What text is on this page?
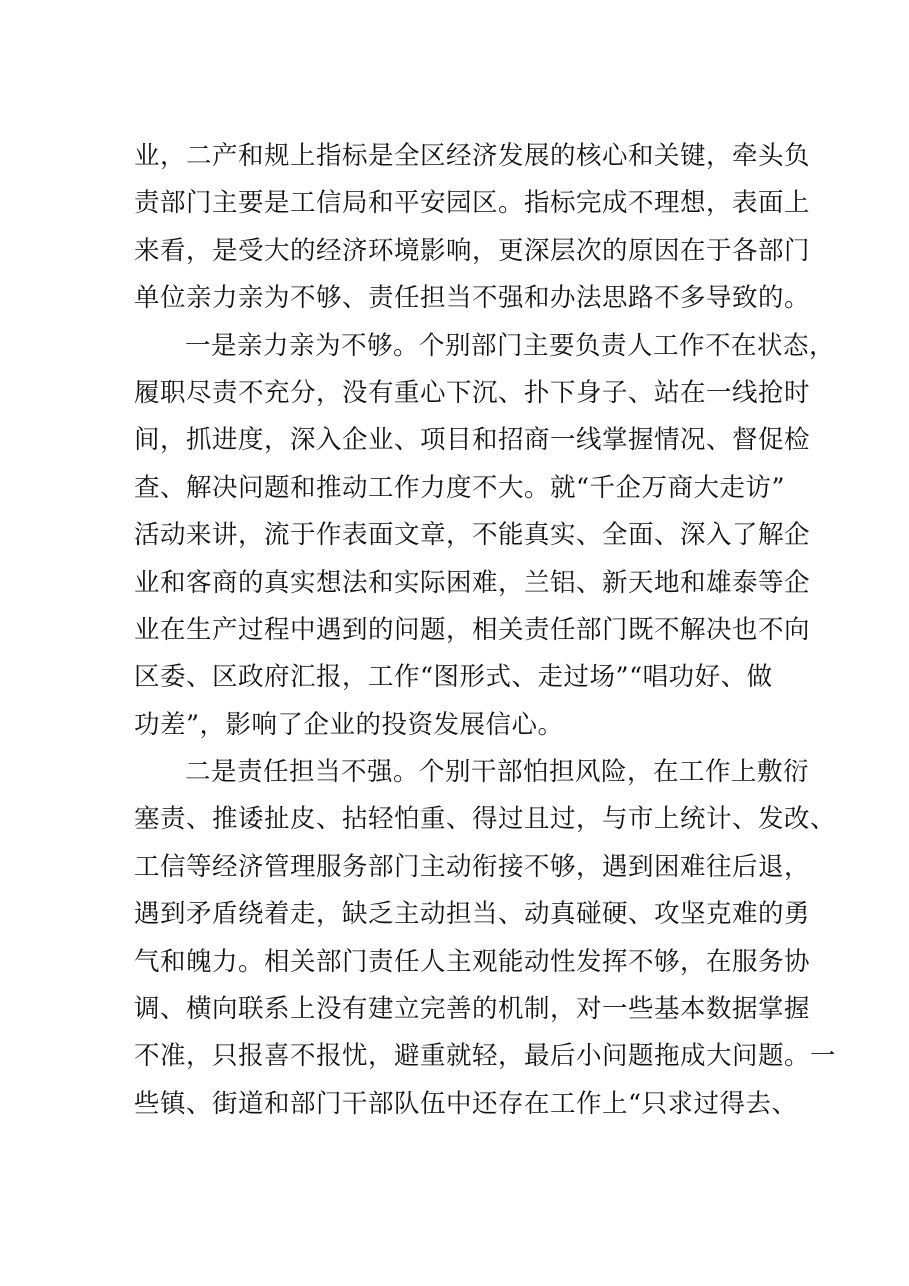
业，二产和规上指标是全区经济发展的核心和关键，牵头负
责部门主要是工信局和平安园区。指标完成不理想，表面上
来看，是受大的经济环境影响，更深层次的原因在于各部门
单位亲力亲为不够、责任担当不强和办法思路不多导致的。
一是亲力亲为不够。个别部门主要负责人工作不在状态，
履职尽责不充分，没有重心下沉、扑下身子、站在一线抢时
间，抓进度，深入企业、项目和招商一线掌握情况、督促检
查、解决问题和推动工作力度不大。就“千企万商大走访”
活动来讲，流于作表面文章，不能真实、全面、深入了解企
业和客商的真实想法和实际困难，兰铝、新天地和雄泰等企
业在生产过程中遇到的问题，相关责任部门既不解决也不向
区委、区政府汇报，工作“图形式、走过场”“唱功好、做
功差”，影响了企业的投资发展信心。
二是责任担当不强。个别干部怕担风险，在工作上敷衍
塞责、推诿扯皮、拈轻怕重、得过且过，与市上统计、发改、
工信等经济管理服务部门主动衔接不够，遇到困难往后退，
遇到矛盾绕着走，缺乏主动担当、动真碰硬、攻坚克难的勇
气和魄力。相关部门责任人主观能动性发挥不够，在服务协
调、横向联系上没有建立完善的机制，对一些基本数据掌握
不准，只报喜不报忧，避重就轻，最后小问题拖成大问题。一
些镇、街道和部门干部队伍中还存在工作上“只求过得去、
